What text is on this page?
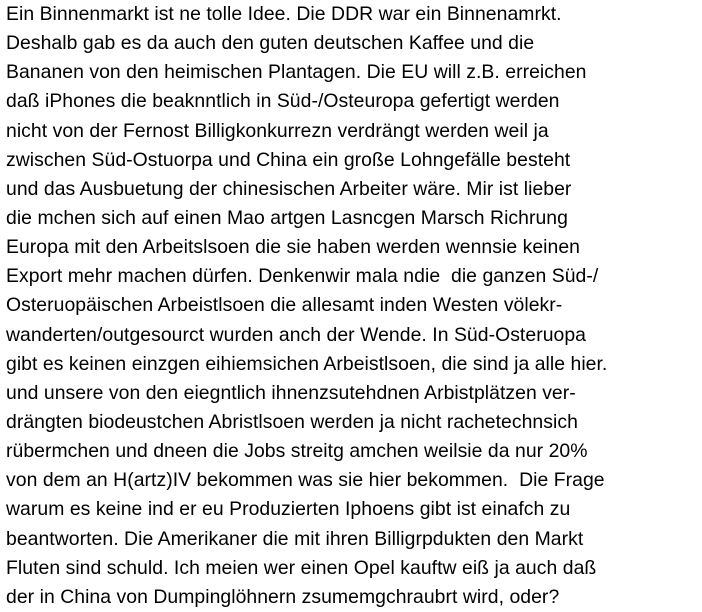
Ein Binnenmarkt ist ne tolle Idee. Die DDR war ein Binnenamrkt.
Deshalb gab es da auch den guten deutschen Kaffee und die
Bananen von den heimischen Plantagen. Die EU will z.B. erreichen
daß iPhones die beaknntlich in Süd-/Osteuropa gefertigt werden
nicht von der Fernost Billigkonkurrezn verdrängt werden weil ja
zwischen Süd-Ostuorpa und China ein große Lohngefälle besteht
und das Ausbuetung der chinesischen Arbeiter wäre. Mir ist lieber
die mchen sich auf einen Mao artgen Lasncgen Marsch Richrung
Europa mit den Arbeitslsoen die sie haben werden wennsie keinen
Export mehr machen dürfen. Denkenwir mala ndie  die ganzen Süd-/
Osteruopäischen Arbeistlsoen die allesamt inden Westen völekr-
wanderten/outgesourct wurden anch der Wende. In Süd-Osteruopa
gibt es keinen einzgen eihiemsichen Arbeistlsoen, die sind ja alle hier.
und unsere von den eiegntlich ihnenzsutehdnen Arbistplätzen ver-
drängten biodeustchen Abristlsoen werden ja nicht rachetechnsich
rübermchen und dneen die Jobs streitg amchen weilsie da nur 20%
von dem an H(artz)IV bekommen was sie hier bekommen.  Die Frage
warum es keine ind er eu Produzierten Iphoens gibt ist einafch zu
beantworten. Die Amerikaner die mit ihren Billigrpdukten den Markt
Fluten sind schuld. Ich meien wer einen Opel kauftw eiß ja auch daß
der in China von Dumpinglöhnern zsumemgchraubrt wird, oder?
